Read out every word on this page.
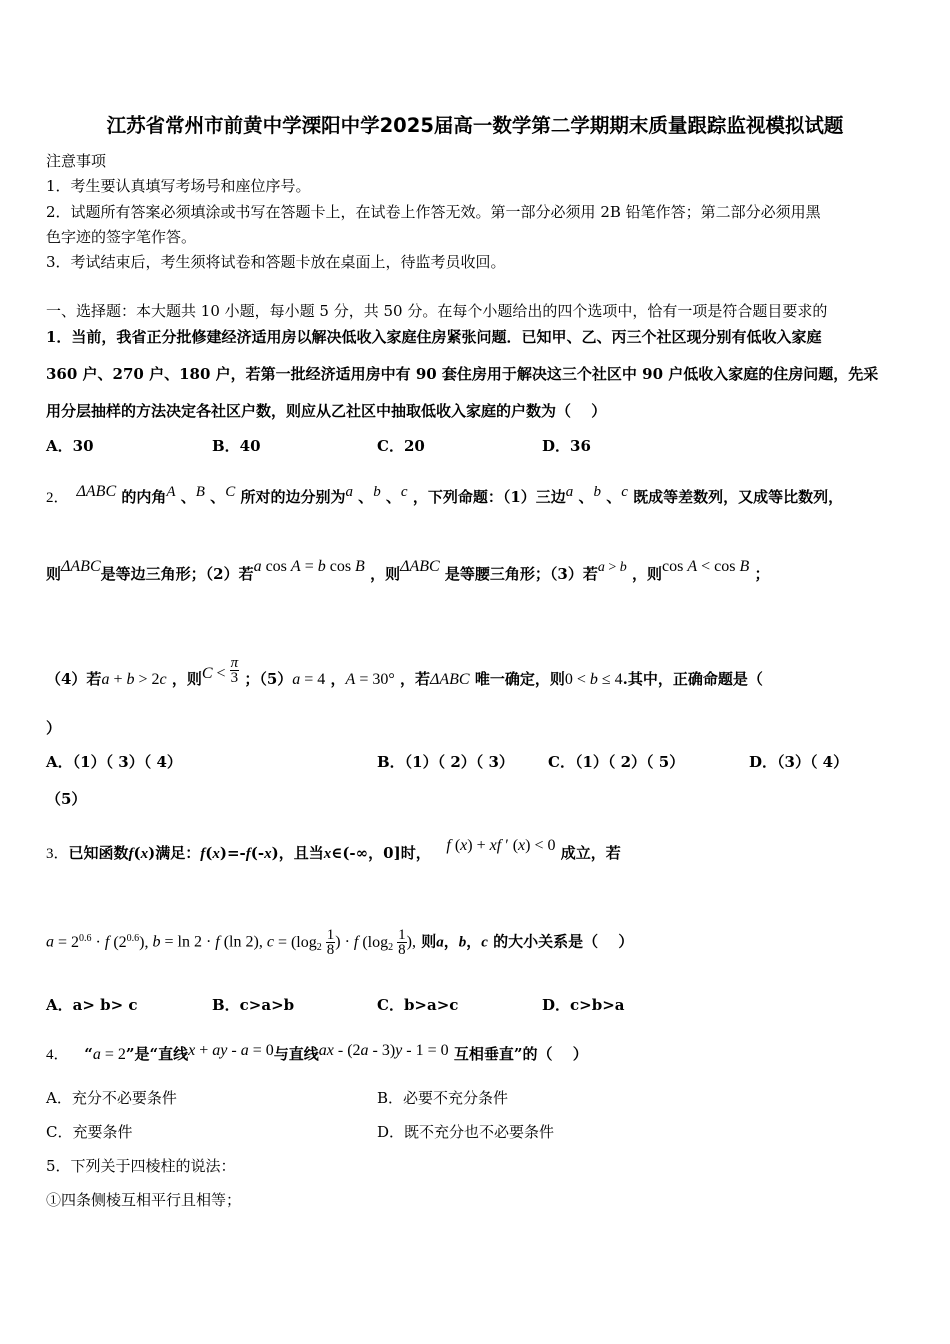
江苏省常州市前黄中学溧阳中学2025届高一数学第二学期期末质量跟踪监视模拟试题
注意事项
1．考生要认真填写考场号和座位序号。
2．试题所有答案必须填涂或书写在答题卡上，在试卷上作答无效。第一部分必须用 2B 铅笔作答；第二部分必须用黑
色字迹的签字笔作答。
3．考试结束后，考生须将试卷和答题卡放在桌面上，待监考员收回。
一、选择题：本大题共 10 小题，每小题 5 分，共 50 分。在每个小题给出的四个选项中，恰有一项是符合题目要求的
1．当前，我省正分批修建经济适用房以解决低收入家庭住房紧张问题．已知甲、乙、丙三个社区现分别有低收入家庭
360 户、270 户、180 户，若第一批经济适用房中有 90 套住房用于解决这三个社区中 90 户低收入家庭的住房问题，先采
用分层抽样的方法决定各社区户数，则应从乙社区中抽取低收入家庭的户数为（　 ）
A．30	B．40	C．20	D．36
2．  ΔABC 的内角A 、B 、C 所对的边分别为a 、b 、c ，下列命题：（1）三边a 、b 、c 既成等差数列，又成等比数列，
则ΔABC是等边三角形；（2）若a cos A = b cos B ，则ΔABC 是等腰三角形；（3）若a > b ，则cos A < cos B ；
（4）若a + b > 2c ，则$C < \frac{\pi}{3}$ ；（5）a = 4 ，A = 30° ，若ΔABC 唯一确定，则0 < b ≤ 4.其中，正确命题是（
）
A．（1）（ 3）（ 4）	B．（1）（ 2）（ 3） C．（1）（ 2）（ 5）	D．（3）（ 4）
（5）
3．已知函数f(x)满足：f(x)=-f(-x)，且当x∈(-∞，0]时， f (x) + xf ′ (x) < 0 成立，若
$a = 2^{0.6} \cdot f$ $(2^{0.6})$, b = ln 2 · f (ln 2), $c = (\log_2 \frac{1}{8}$ ) · f ($\log_2 \frac{1}{8}$ ), 则a，b，c 的大小关系是（　 ）
A．a> b> c	B．c>a>b	C．b>a>c	D．c>b>a
4． “a = 2”是“直线x + ay - a = 0与直线ax - (2a - 3)y - 1 = 0 互相垂直”的（　 ）
A．充分不必要条件	B．必要不充分条件
C．充要条件	D．既不充分也不必要条件
5．下列关于四棱柱的说法：
①四条侧棱互相平行且相等；
